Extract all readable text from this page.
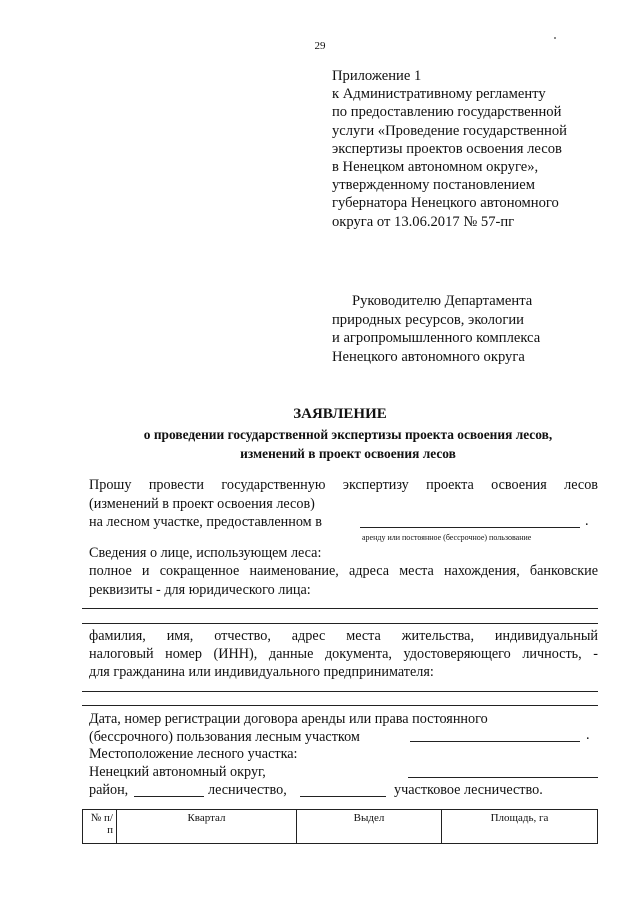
29
Приложение 1
к Административному регламенту
по предоставлению государственной
услуги «Проведение государственной
экспертизы проектов освоения лесов
в Ненецком автономном округе»,
утвержденному постановлением
губернатора Ненецкого автономного
округа от 13.06.2017 № 57-пг
Руководителю Департамента
природных ресурсов, экологии
и агропромышленного комплекса
Ненецкого автономного округа
ЗАЯВЛЕНИЕ
о проведении государственной экспертизы проекта освоения лесов,
изменений в проект освоения лесов
Прошу провести государственную экспертизу проекта освоения лесов
(изменений в проект освоения лесов)
на лесном участке, предоставленном в	.
аренду или постоянное (бессрочное) пользование
Сведения о лице, использующем леса:
полное и сокращенное наименование, адреса места нахождения, банковские
реквизиты - для юридического лица:
фамилия, имя, отчество, адрес места жительства, индивидуальный
налоговый номер (ИНН), данные документа, удостоверяющего личность, -
для гражданина или индивидуального предпринимателя:
Дата, номер регистрации договора аренды или права постоянного
(бессрочного) пользования лесным участком	.
Местоположение лесного участка:
Ненецкий автономный округ,
район,	лесничество,	участковое лесничество.
№ п/п	Квартал	Выдел	Площадь, га
